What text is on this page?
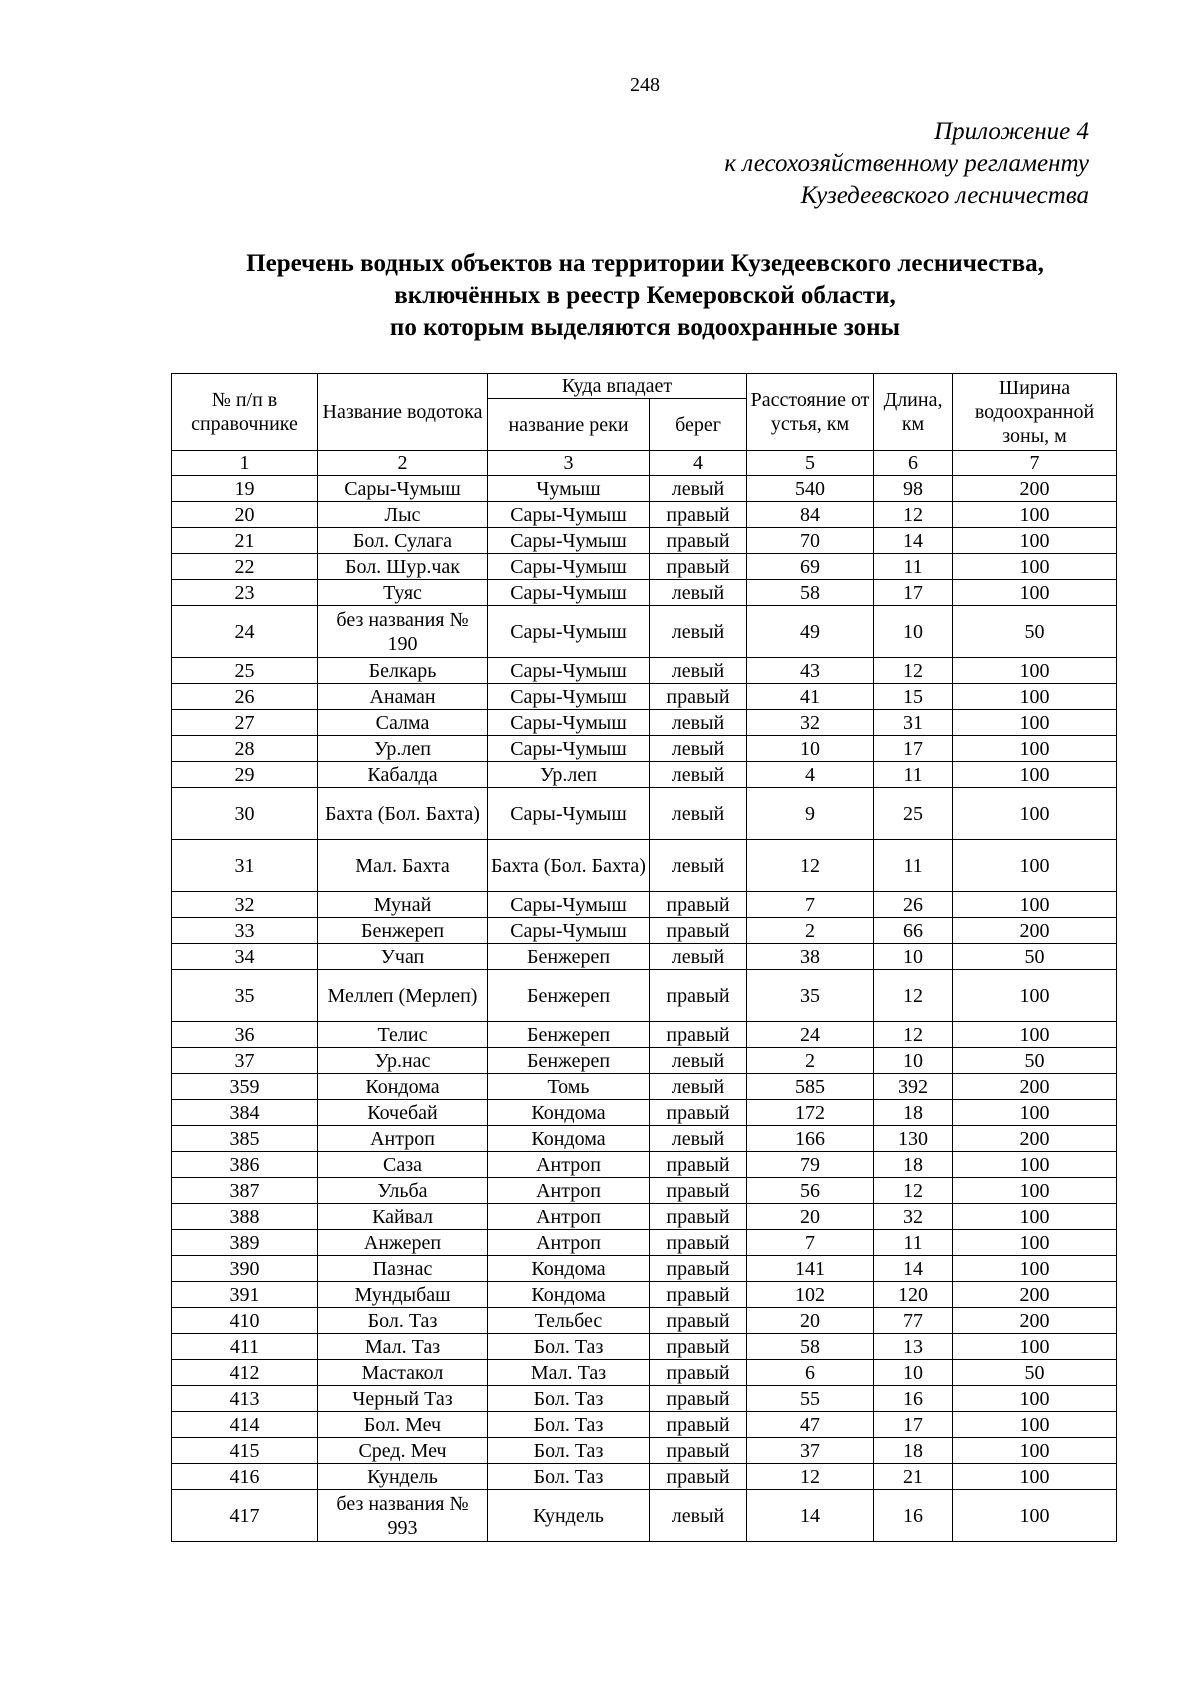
248
Приложение 4
к лесохозяйственному регламенту
Кузедеевского лесничества
Перечень водных объектов на территории Кузедеевского лесничества,
включённых в реестр Кемеровской области,
по которым выделяются водоохранные зоны
№ п/п в справочнике	Название водотока	Куда впадает		Расстояние от устья, км	Длина, км	Ширина водоохранной зоны, м
		название реки	берег			
1	2	3	4	5	6	7
19	Сары-Чумыш	Чумыш	левый	540	98	200
20	Лыс	Сары-Чумыш	правый	84	12	100
21	Бол. Сулага	Сары-Чумыш	правый	70	14	100
22	Бол. Шур.чак	Сары-Чумыш	правый	69	11	100
23	Туяс	Сары-Чумыш	левый	58	17	100
24	без названия № 190	Сары-Чумыш	левый	49	10	50
25	Белкарь	Сары-Чумыш	левый	43	12	100
26	Анаман	Сары-Чумыш	правый	41	15	100
27	Салма	Сары-Чумыш	левый	32	31	100
28	Ур.леп	Сары-Чумыш	левый	10	17	100
29	Кабалда	Ур.леп	левый	4	11	100
30	Бахта (Бол. Бахта)	Сары-Чумыш	левый	9	25	100
31	Мал. Бахта	Бахта (Бол. Бахта)	левый	12	11	100
32	Мунай	Сары-Чумыш	правый	7	26	100
33	Бенжереп	Сары-Чумыш	правый	2	66	200
34	Учап	Бенжереп	левый	38	10	50
35	Меллеп (Мерлеп)	Бенжереп	правый	35	12	100
36	Телис	Бенжереп	правый	24	12	100
37	Ур.нас	Бенжереп	левый	2	10	50
359	Кондома	Томь	левый	585	392	200
384	Кочебай	Кондома	правый	172	18	100
385	Антроп	Кондома	левый	166	130	200
386	Саза	Антроп	правый	79	18	100
387	Ульба	Антроп	правый	56	12	100
388	Кайвал	Антроп	правый	20	32	100
389	Анжереп	Антроп	правый	7	11	100
390	Пазнас	Кондома	правый	141	14	100
391	Мундыбаш	Кондома	правый	102	120	200
410	Бол. Таз	Тельбес	правый	20	77	200
411	Мал. Таз	Бол. Таз	правый	58	13	100
412	Мастакол	Мал. Таз	правый	6	10	50
413	Черный Таз	Бол. Таз	правый	55	16	100
414	Бол. Меч	Бол. Таз	правый	47	17	100
415	Сред. Меч	Бол. Таз	правый	37	18	100
416	Кундель	Бол. Таз	правый	12	21	100
417	без названия № 993	Кундель	левый	14	16	100
